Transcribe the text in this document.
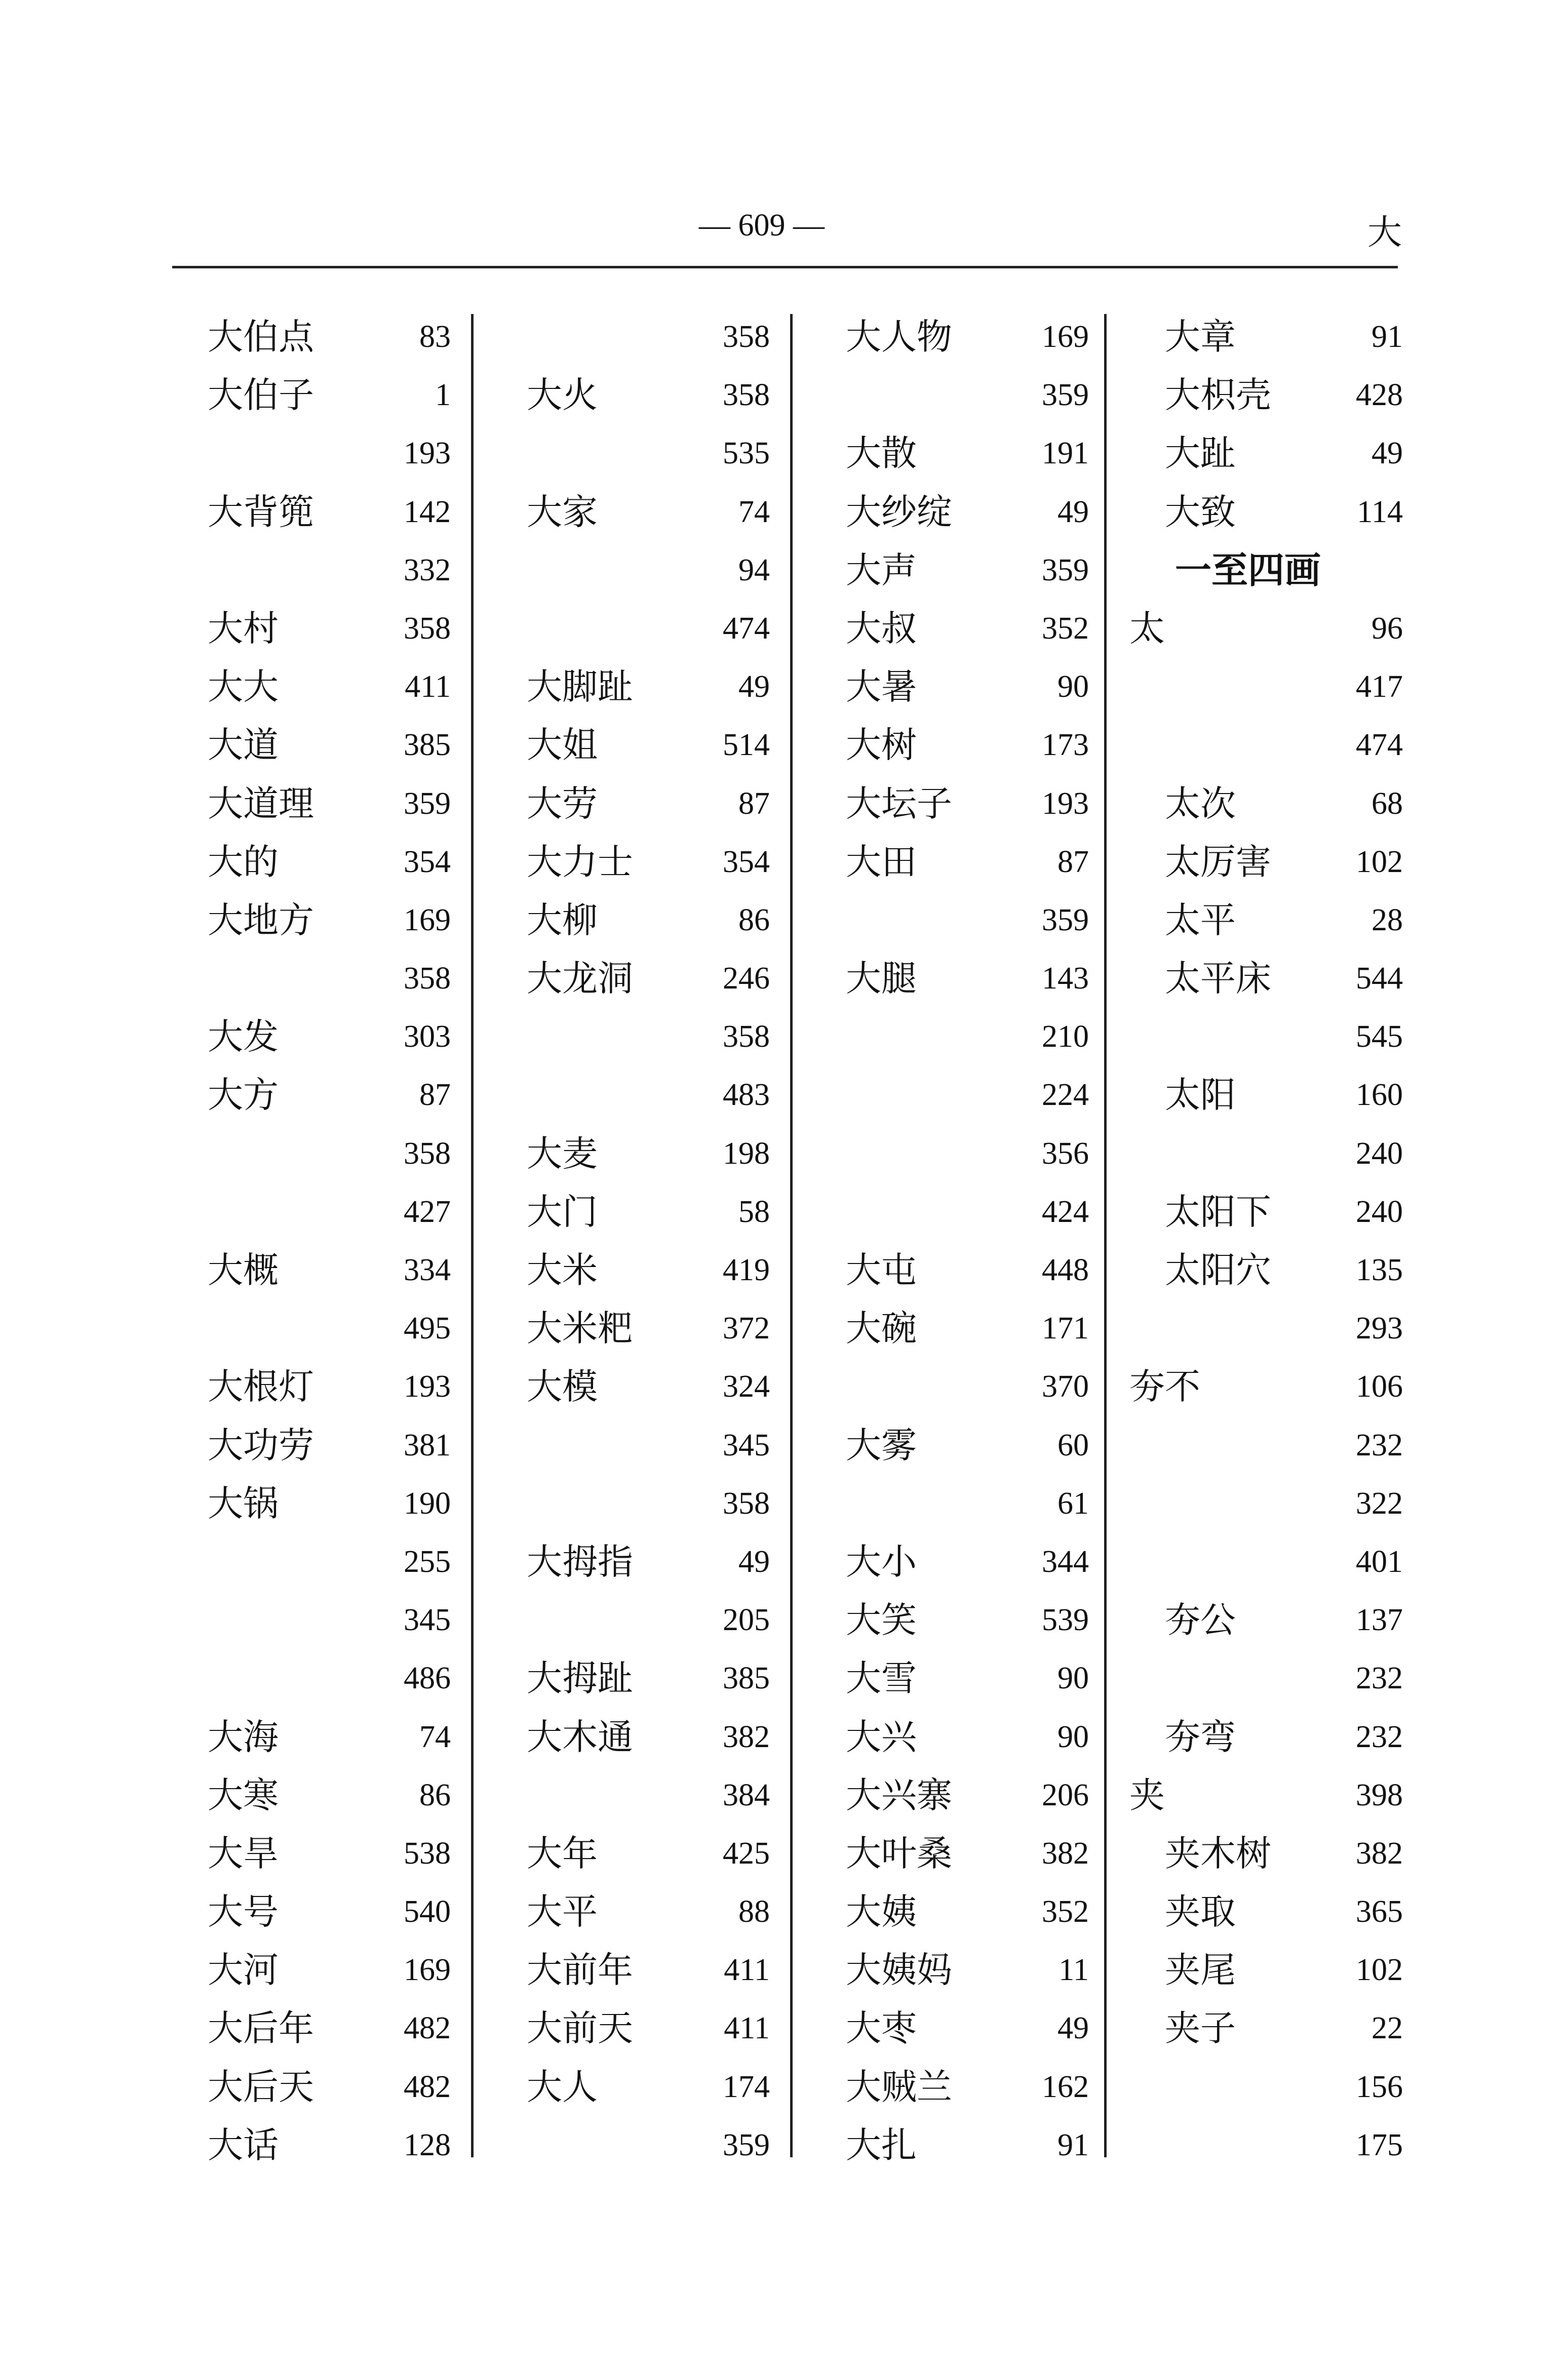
— 609 —	大
大伯点	83
大伯子	1
193
大背篼	142
332
大村	358
大大	411
大道	385
大道理	359
大的	354
大地方	169
358
大发	303
大方	87
358
427
大概	334
495
大根灯	193
大功劳	381
大锅	190
255
345
486
大海	74
大寒	86
大旱	538
大号	540
大河	169
大后年	482
大后天	482
大话	128
358
大火	358
535
大家	74
94
474
大脚趾	49
大姐	514
大劳	87
大力士	354
大柳	86
大龙洞	246
358
483
大麦	198
大门	58
大米	419
大米粑	372
大模	324
345
358
大拇指	49
205
大拇趾	385
大木通	382
384
大年	425
大平	88
大前年	411
大前天	411
大人	174
359
大人物	169
359
大散	191
大纱绽	49
大声	359
大叔	352
大暑	90
大树	173
大坛子	193
大田	87
359
大腿	143
210
224
356
424
大屯	448
大碗	171
370
大雾	60
61
大小	344
大笑	539
大雪	90
大兴	90
大兴寨	206
大叶桑	382
大姨	352
大姨妈	11
大枣	49
大贼兰	162
大扎	91
大章	91
大枳壳	428
大趾	49
大致	114
一至四画
太	96
417
474
太次	68
太厉害	102
太平	28
太平床	544
545
太阳	160
240
太阳下	240
太阳穴	135
293
夯不	106
232
322
401
夯公	137
232
夯弯	232
夹	398
夹木树	382
夹取	365
夹尾	102
夹子	22
156
175
